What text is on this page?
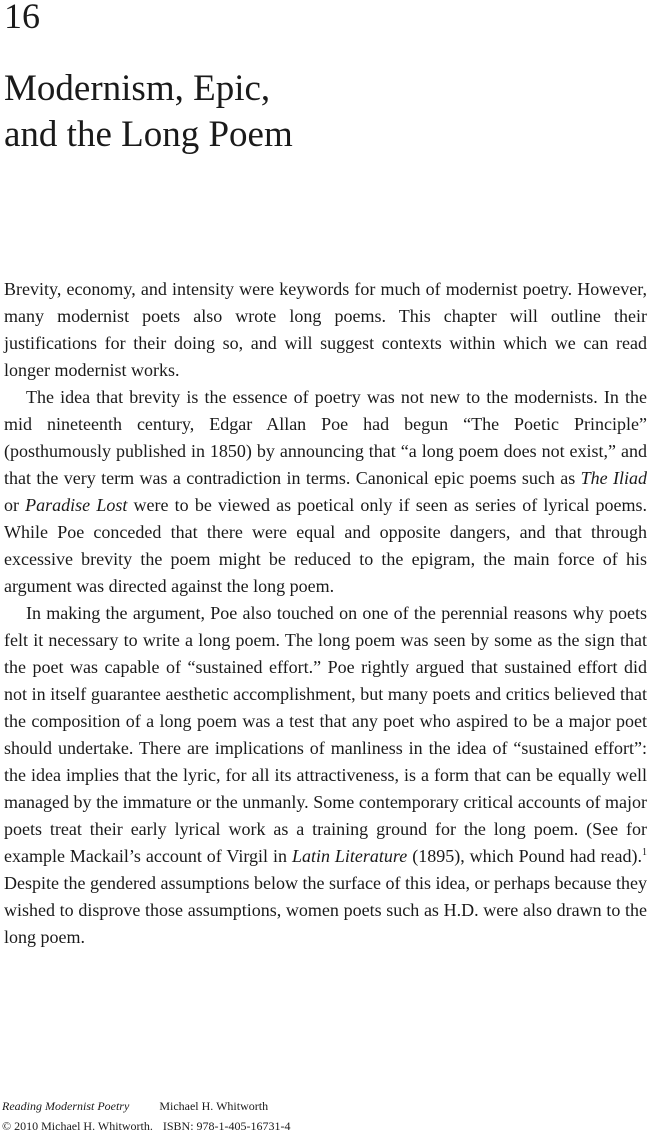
16
Modernism, Epic,
and the Long Poem

Brevity, economy, and intensity were keywords for much of modernist poetry. However, many modernist poets also wrote long poems. This chapter will outline their justifications for their doing so, and will suggest contexts within which we can read longer modernist works.

The idea that brevity is the essence of poetry was not new to the modernists. In the mid nineteenth century, Edgar Allan Poe had begun “The Poetic Principle” (posthumously published in 1850) by announcing that “a long poem does not exist,” and that the very term was a contradiction in terms. Canonical epic poems such as The Iliad or Paradise Lost were to be viewed as poetical only if seen as series of lyrical poems. While Poe conceded that there were equal and opposite dangers, and that through excessive brevity the poem might be reduced to the epigram, the main force of his argument was directed against the long poem.

In making the argument, Poe also touched on one of the perennial reasons why poets felt it necessary to write a long poem. The long poem was seen by some as the sign that the poet was capable of “sustained effort.” Poe rightly argued that sustained effort did not in itself guarantee aesthetic accomplishment, but many poets and critics believed that the composition of a long poem was a test that any poet who aspired to be a major poet should undertake. There are implications of manliness in the idea of “sustained effort”: the idea implies that the lyric, for all its attractiveness, is a form that can be equally well managed by the immature or the unmanly. Some contemporary critical accounts of major poets treat their early lyrical work as a training ground for the long poem. (See for example Mackail’s account of Virgil in Latin Literature (1895), which Pound had read).$^1$ Despite the gendered assumptions below the surface of this idea, or perhaps because they wished to disprove those assumptions, women poets such as H.D. were also drawn to the long poem.

Reading Modernist Poetry	Michael H. Whitworth
© 2010 Michael H. Whitworth. ISBN: 978-1-405-16731-4
